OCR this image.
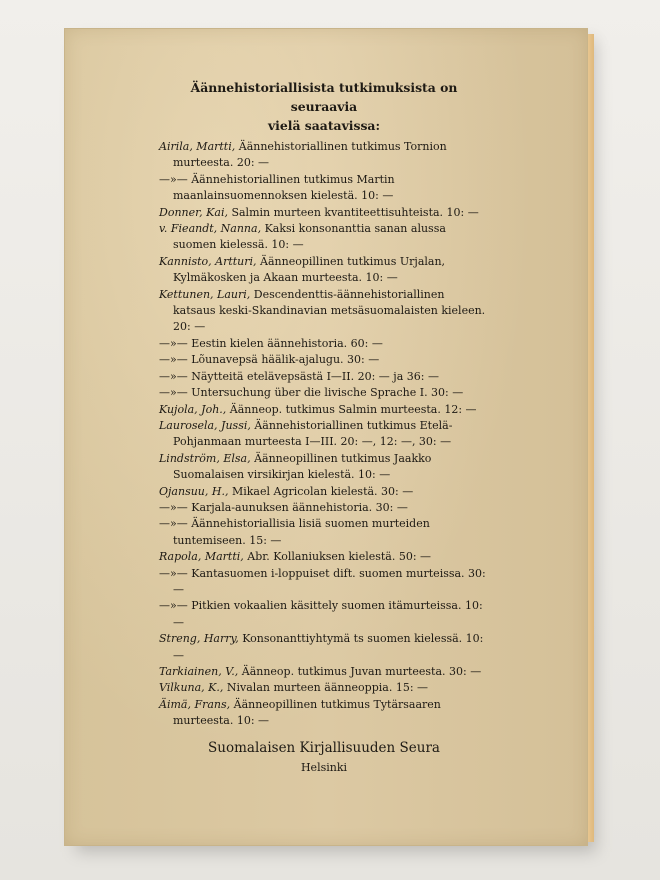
Äännehistoriallisista tutkimuksista on seuraavia
vielä saatavissa:
Airila, Martti, Äännehistoriallinen tutkimus Tornion murteesta. 20: —
—»— Äännehistoriallinen tutkimus Martin maanlainsuomennoksen kielestä. 10: —
Donner, Kai, Salmin murteen kvantiteettisuhteista. 10: —
v. Fieandt, Nanna, Kaksi konsonanttia sanan alussa suomen kielessä. 10: —
Kannisto, Artturi, Äänneopillinen tutkimus Urjalan, Kylmäkosken ja Akaan murteesta. 10: —
Kettunen, Lauri, Descendenttis-äännehistoriallinen katsaus keski-Skandinavian metsäsuomalaisten kieleen. 20: —
—»— Eestin kielen äännehistoria. 60: —
—»— Lõunavepsä häälik-ajalugu. 30: —
—»— Näytteitä etelävepsästä I—II. 20: — ja 36: —
—»— Untersuchung über die livische Sprache I. 30: —
Kujola, Joh., Äänneop. tutkimus Salmin murteesta. 12: —
Laurosela, Jussi, Äännehistoriallinen tutkimus Etelä-Pohjanmaan murteesta I—III. 20: —, 12: —, 30: —
Lindström, Elsa, Äänneopillinen tutkimus Jaakko Suomalaisen virsikirjan kielestä. 10: —
Ojansuu, H., Mikael Agricolan kielestä. 30: —
—»— Karjala-aunuksen äännehistoria. 30: —
—»— Äännehistoriallisia lisiä suomen murteiden tuntemiseen. 15: —
Rapola, Martti, Abr. Kollaniuksen kielestä. 50: —
—»— Kantasuomen i-loppuiset dift. suomen murteissa. 30: —
—»— Pitkien vokaalien käsittely suomen itämurteissa. 10: —
Streng, Harry, Konsonanttiyhtymä ts suomen kielessä. 10: —
Tarkiainen, V., Äänneop. tutkimus Juvan murteesta. 30: —
Vilkuna, K., Nivalan murteen äänneoppia. 15: —
Äimä, Frans, Äänneopillinen tutkimus Tytärsaaren murteesta. 10: —
Suomalaisen Kirjallisuuden Seura
Helsinki
